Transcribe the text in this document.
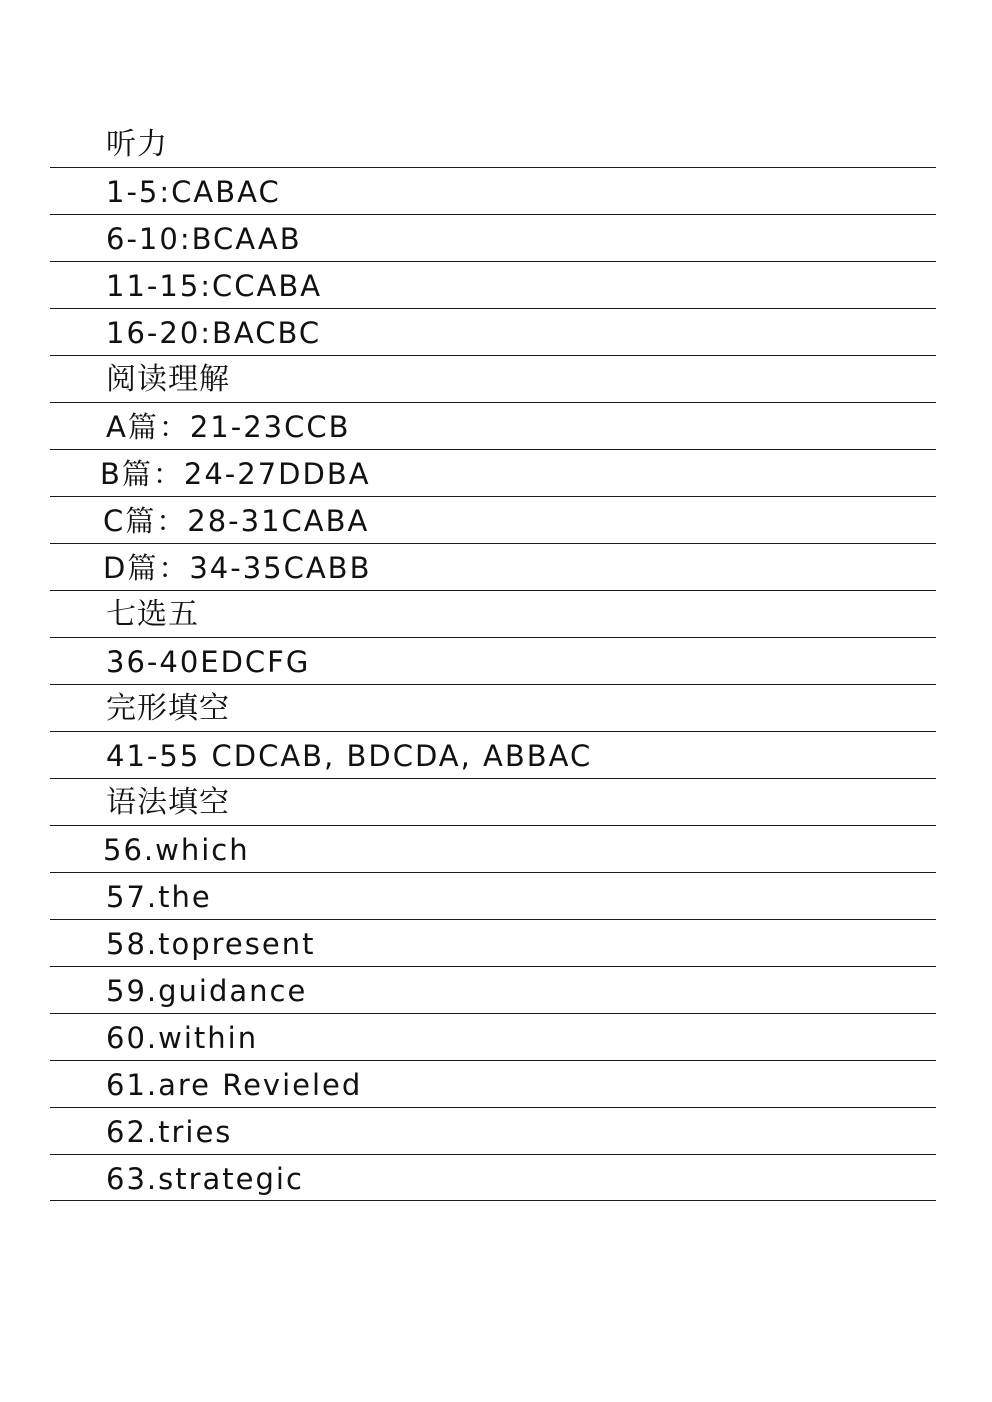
听力
1-5:CABAC
6-10:BCAAB
11-15:CCABA
16-20:BACBC
阅读理解
A篇：21-23CCB
B篇：24-27DDBA
C篇：28-31CABA
D篇：34-35CABB
七选五
36-40EDCFG
完形填空
41-55 CDCAB, BDCDA, ABBAC
语法填空
56.which
57.the
58.topresent
59.guidance
60.within
61.are Revieled
62.tries
63.strategic
